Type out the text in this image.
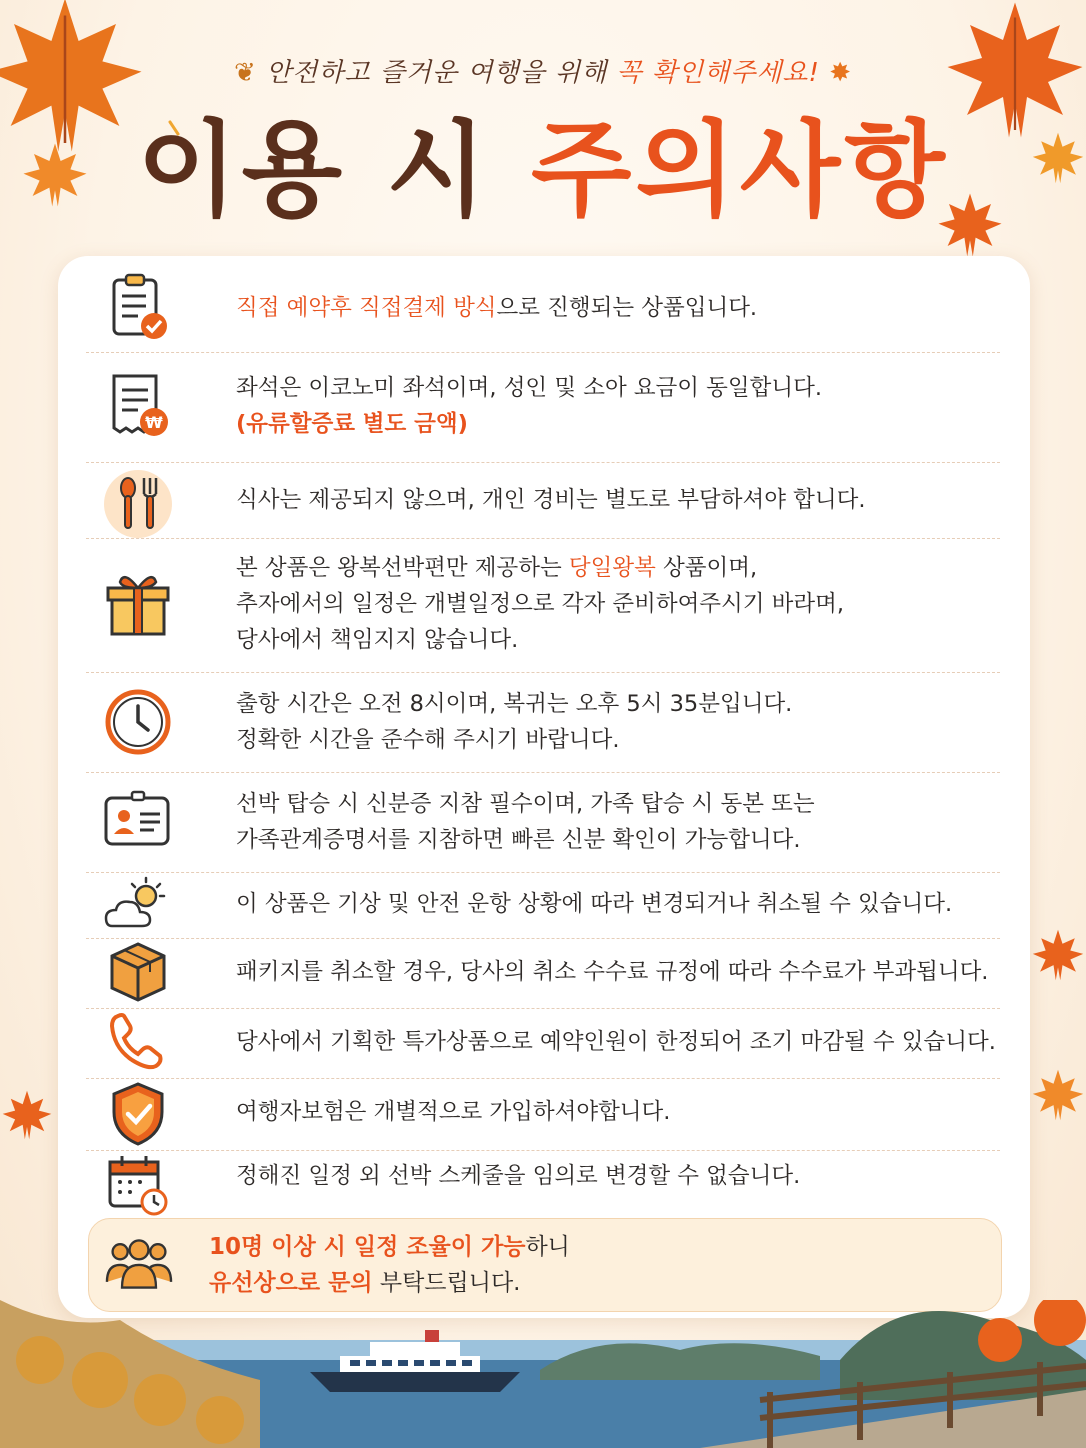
❦ 안전하고 즐거운 여행을 위해 꼭 확인해주세요! ✸
이용 시 주의사항
직접 예약후 직접결제 방식으로 진행되는 상품입니다.
₩
좌석은 이코노미 좌석이며, 성인 및 소아 요금이 동일합니다.
(유류할증료 별도 금액)
식사는 제공되지 않으며, 개인 경비는 별도로 부담하셔야 합니다.
본 상품은 왕복선박편만 제공하는 당일왕복 상품이며,
추자에서의 일정은 개별일정으로 각자 준비하여주시기 바라며,
당사에서 책임지지 않습니다.
출항 시간은 오전 8시이며, 복귀는 오후 5시 35분입니다.
정확한 시간을 준수해 주시기 바랍니다.
선박 탑승 시 신분증 지참 필수이며, 가족 탑승 시 동본 또는
가족관계증명서를 지참하면 빠른 신분 확인이 가능합니다.
이 상품은 기상 및 안전 운항 상황에 따라 변경되거나 취소될 수 있습니다.
패키지를 취소할 경우, 당사의 취소 수수료 규정에 따라 수수료가 부과됩니다.
당사에서 기획한 특가상품으로 예약인원이 한정되어 조기 마감될 수 있습니다.
여행자보험은 개별적으로 가입하셔야합니다.
정해진 일정 외 선박 스케줄을 임의로 변경할 수 없습니다.
10명 이상 시 일정 조율이 가능하니
유선상으로 문의 부탁드립니다.
